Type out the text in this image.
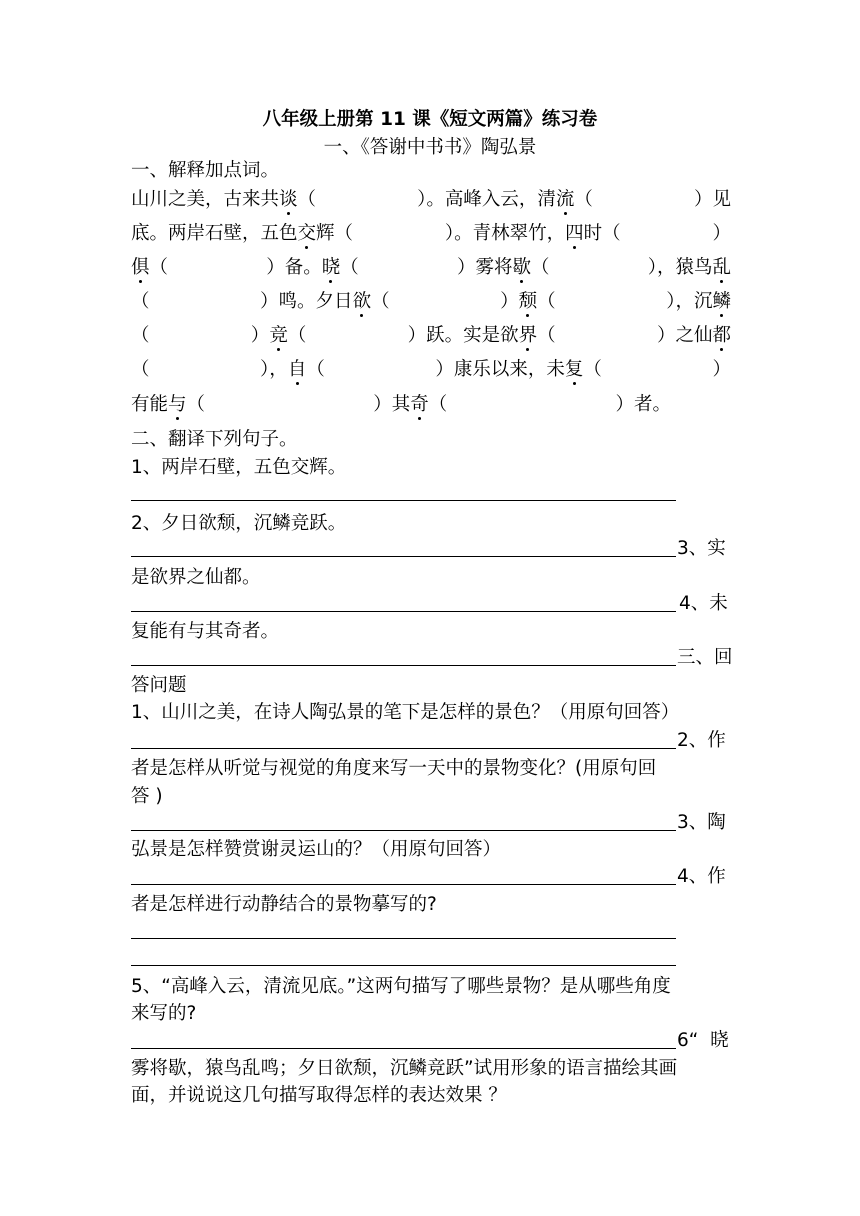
八年级上册第 11 课《短文两篇》练习卷
一、《答谢中书书》陶弘景
一、解释加点词。
山川之美，古来共谈（	）。高峰入云，清流（	）见
底。两岸石壁，五色交辉（	）。青林翠竹，四时（	）
俱（	）备。晓（	）雾将歇（	），猿鸟乱
（	）鸣。夕日欲（	）颓（	），沉鳞
（	）竞（	）跃。实是欲界（	）之仙都
（	），自（	）康乐以来，未复（	）
有能与（	）其奇（	）者。
二、翻译下列句子。
1、两岸石壁，五色交辉。
2、夕日欲颓，沉鳞竞跃。
3、实
是欲界之仙都。
4、未
复能有与其奇者。
三、回
答问题
1、山川之美，在诗人陶弘景的笔下是怎样的景色？（用原句回答）
2、作
者是怎样从听觉与视觉的角度来写一天中的景物变化？(用原句回
答 )
3、陶
弘景是怎样赞赏谢灵运山的？（用原句回答）
4、作
者是怎样进行动静结合的景物摹写的?
5、“高峰入云，清流见底。”这两句描写了哪些景物？是从哪些角度
来写的?
6“  晓
雾将歇，猿鸟乱鸣；夕日欲颓，沉鳞竞跃”试用形象的语言描绘其画
面，并说说这几句描写取得怎样的表达效果 ？
